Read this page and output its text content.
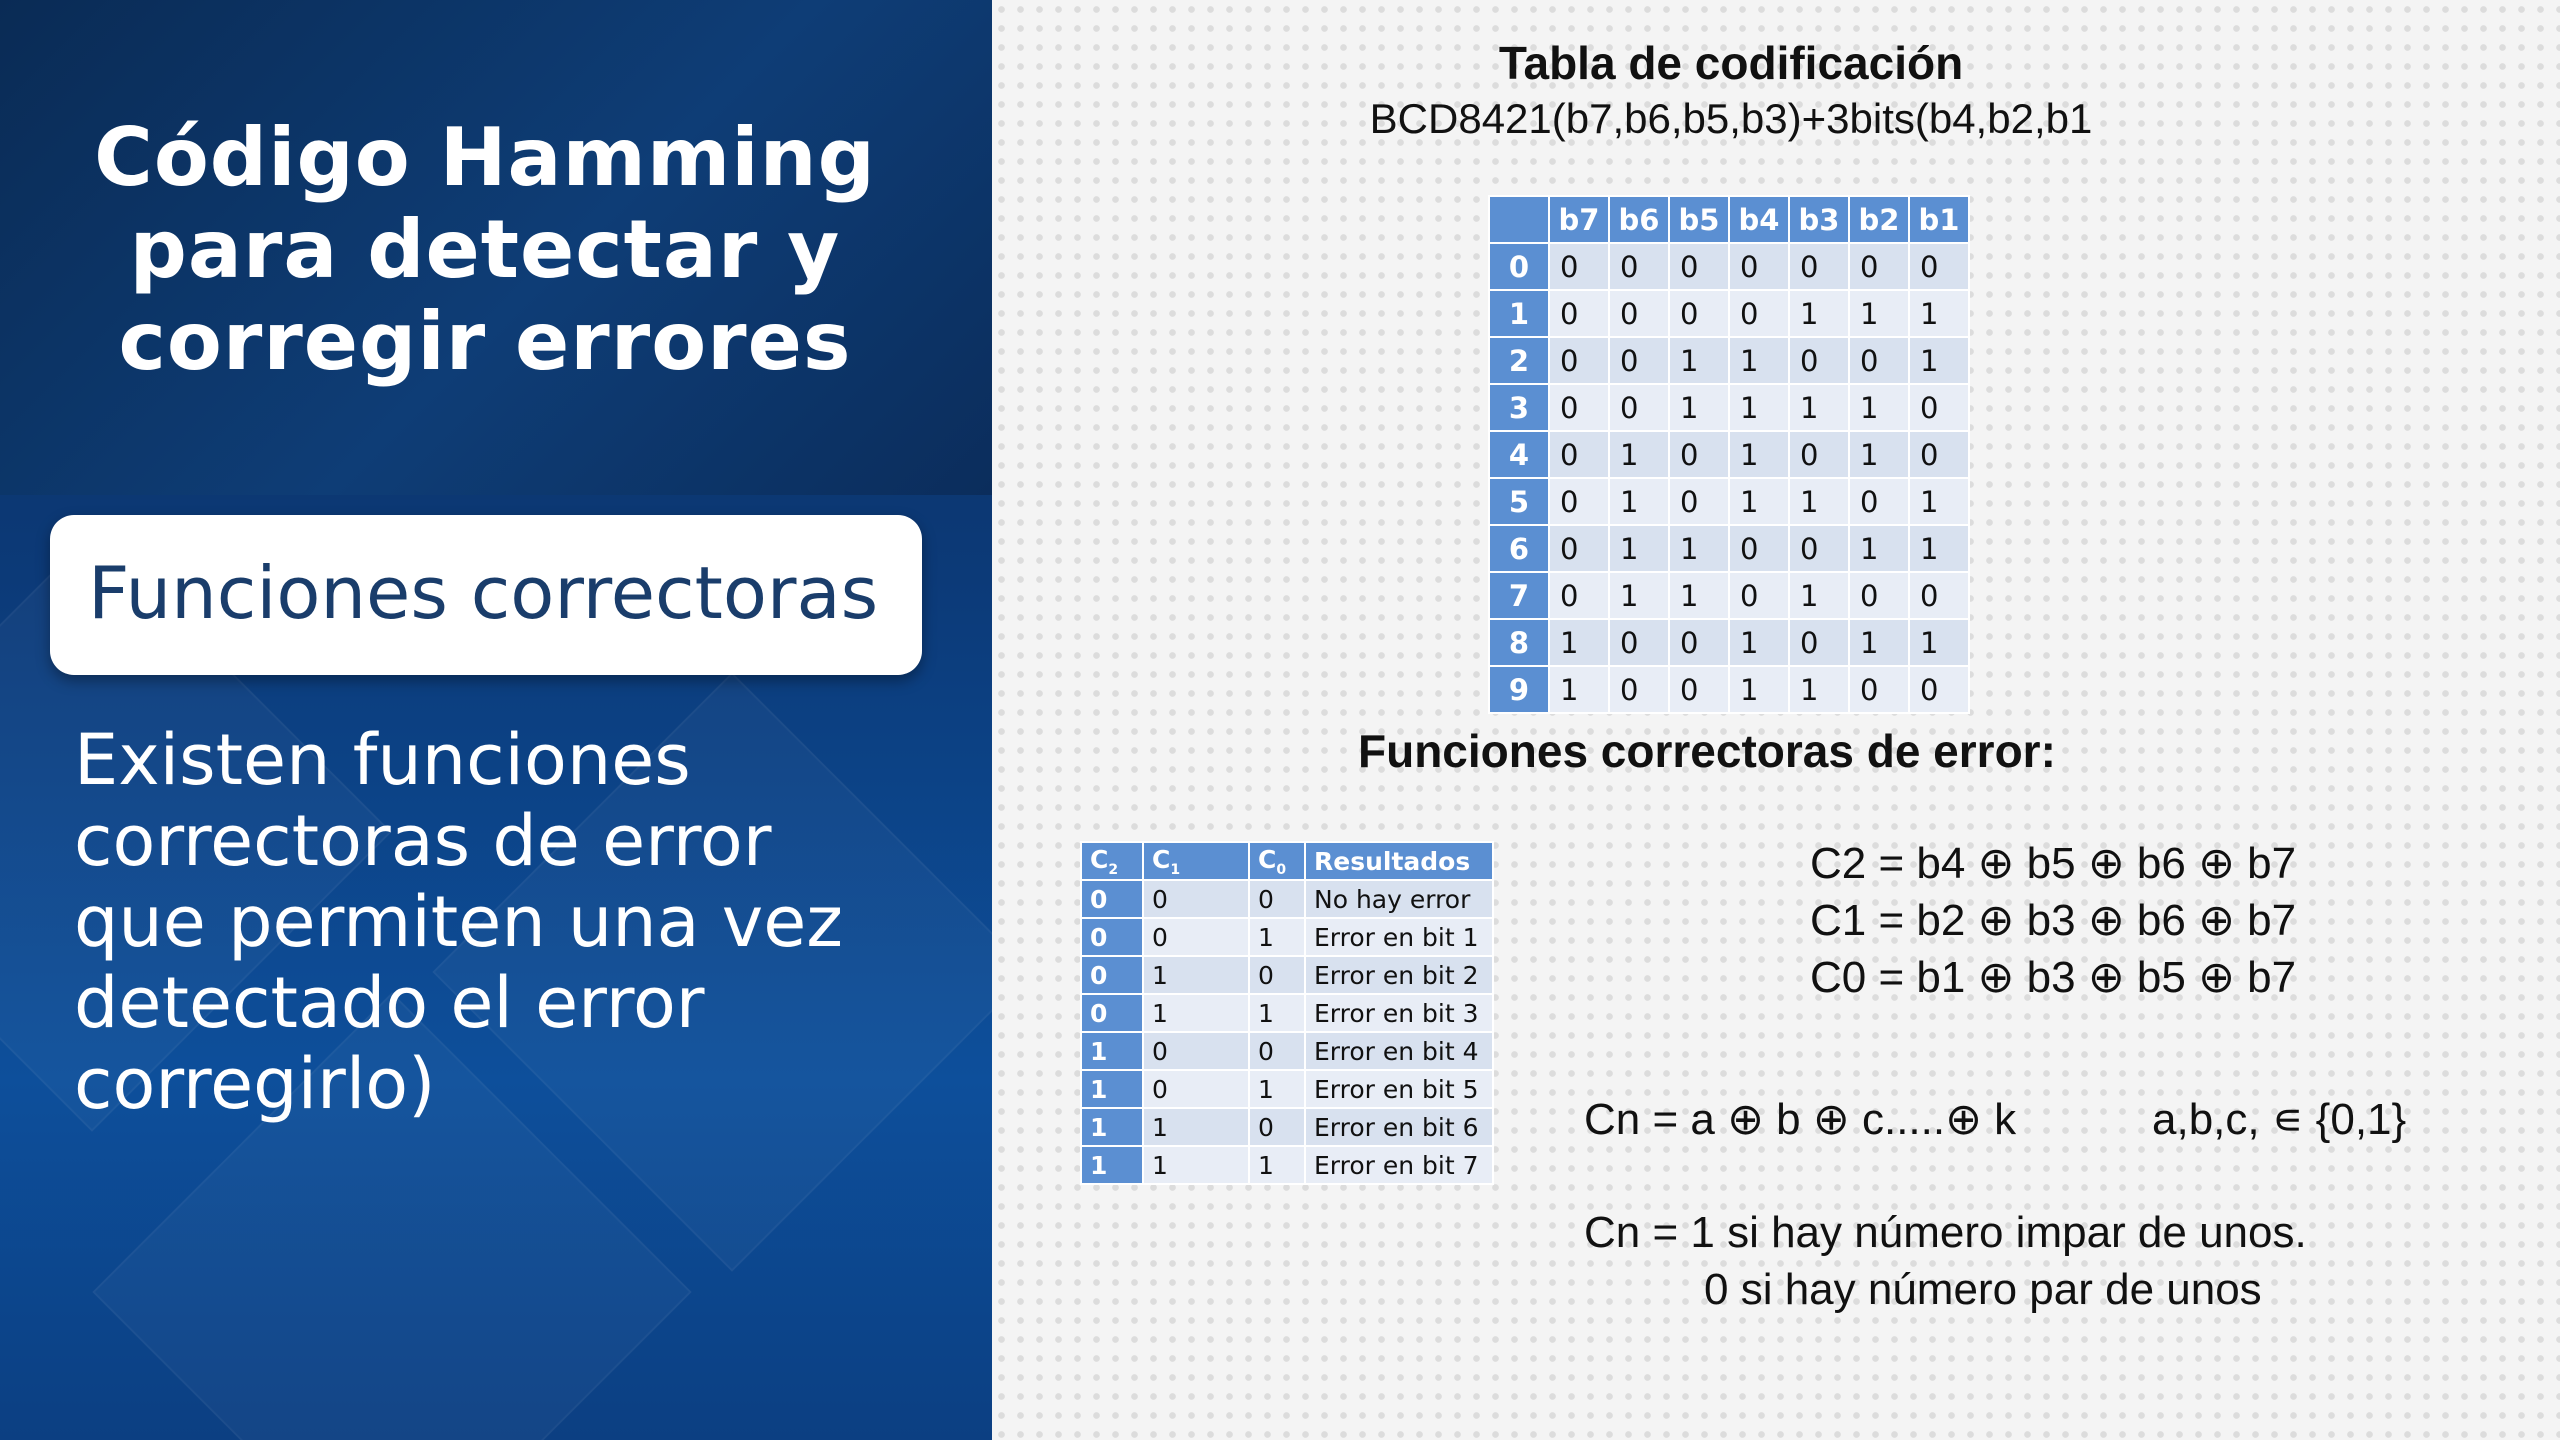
Código Hamming
para detectar y
corregir errores
Funciones correctoras
Existen funciones
correctoras de error
que permiten una vez
detectado el error
corregirlo)
Tabla de codificación
BCD8421(b7,b6,b5,b3)+3bits(b4,b2,b1
	b7	b6	b5	b4	b3	b2	b1
0	0	0	0	0	0	0	0
1	0	0	0	0	1	1	1
2	0	0	1	1	0	0	1
3	0	0	1	1	1	1	0
4	0	1	0	1	0	1	0
5	0	1	0	1	1	0	1
6	0	1	1	0	0	1	1
7	0	1	1	0	1	0	0
8	1	0	0	1	0	1	1
9	1	0	0	1	1	0	0
Funciones correctoras de error:
$C_2$	$C_1$	$C_0$	Resultados
0	0	0	No hay error
0	0	1	Error en bit 1
0	1	0	Error en bit 2
0	1	1	Error en bit 3
1	0	0	Error en bit 4
1	0	1	Error en bit 5
1	1	0	Error en bit 6
1	1	1	Error en bit 7
C2 = b4 ⊕ b5 ⊕ b6 ⊕ b7
C1 = b2 ⊕ b3 ⊕ b6 ⊕ b7
C0 = b1 ⊕ b3 ⊕ b5 ⊕ b7
Cn = a ⊕ b ⊕ c.....⊕ k	a,b,c, ∊ {0,1}
Cn = 1 si hay número impar de unos.
0 si hay número par de unos
